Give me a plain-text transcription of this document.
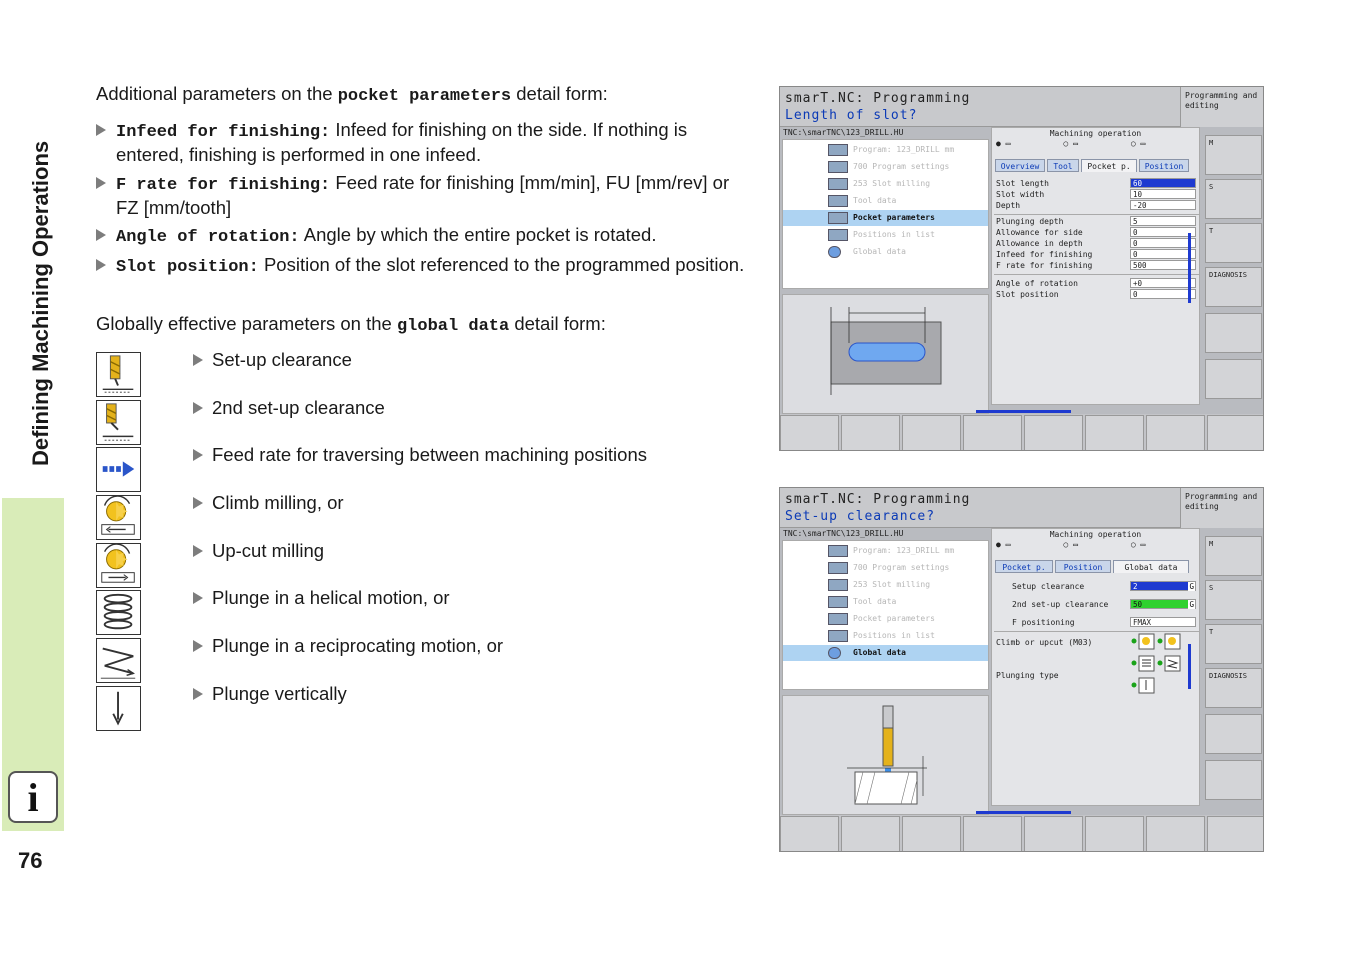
Defining Machining Operations
i
76
Additional parameters on the pocket parameters detail form:
Infeed for finishing: Infeed for finishing on the side. If nothing is entered, finishing is performed in one infeed.
F rate for finishing: Feed rate for finishing [mm/min], FU [mm/rev] or FZ [mm/tooth]
Angle of rotation: Angle by which the entire pocket is rotated.
Slot position: Position of the slot referenced to the programmed position.
Globally effective parameters on the global data detail form:
Set-up clearance
2nd set-up clearance
Feed rate for traversing between machining positions
Climb milling, or
Up-cut milling
Plunge in a helical motion, or
Plunge in a reciprocating motion, or
Plunge vertically
smarT.NC: Programming
Length of slot?
Programming and editing
TNC:\smarTNC\123_DRILL.HU
Program: 123_DRILL mm
700 Program settings
253 Slot milling
Tool data
Pocket parameters
Positions in list
Global data
Machining operation
● ▭           ○ ▭           ○ ▭
Overview	Tool	Pocket p.	Position
Slot length	60
Slot width	10
Depth	-20
Plunging depth	5
Allowance for side	0
Allowance in depth	0
Infeed for finishing	0
F rate for finishing	500
Angle of rotation	+0
Slot position	0
M
S
T
DIAGNOSIS
smarT.NC: Programming
Set-up clearance?
Programming and editing
TNC:\smarTNC\123_DRILL.HU
Program: 123_DRILL mm
700 Program settings
253 Slot milling
Tool data
Pocket parameters
Positions in list
Global data
Machining operation
● ▭           ○ ▭           ○ ▭
Pocket p.	Position	Global data
Setup clearance	2	G
2nd set-up clearance	50	G
F positioning	FMAX
Climb or upcut (M03)
Plunging type
M
S
T
DIAGNOSIS
